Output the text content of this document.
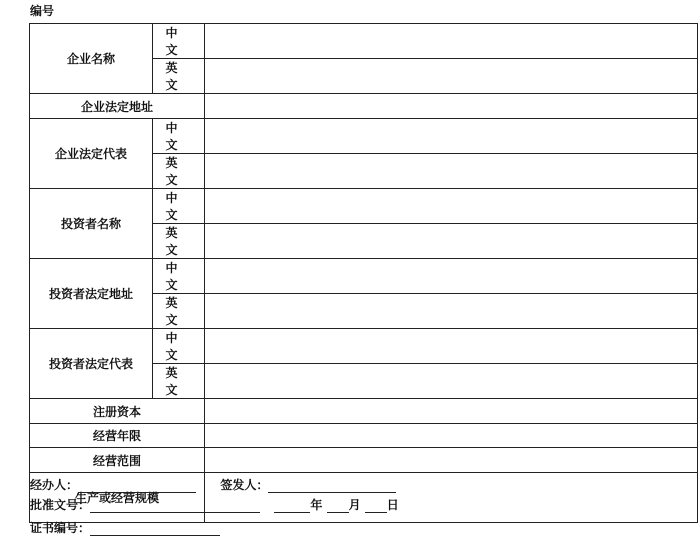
编号
企业名称	中　文	
	英　文	
企业法定地址		
企业法定代表	中　文	
	英　文	
投资者名称	中　文	
	英　文	
投资者法定地址	中　文	
	英　文	
投资者法定代表	中　文	
	英　文	
注册资本		
经营年限		
经营范围		
生产或经营规模		
经办人：	签发人：
批准文号：	年 月 日
证书编号：
